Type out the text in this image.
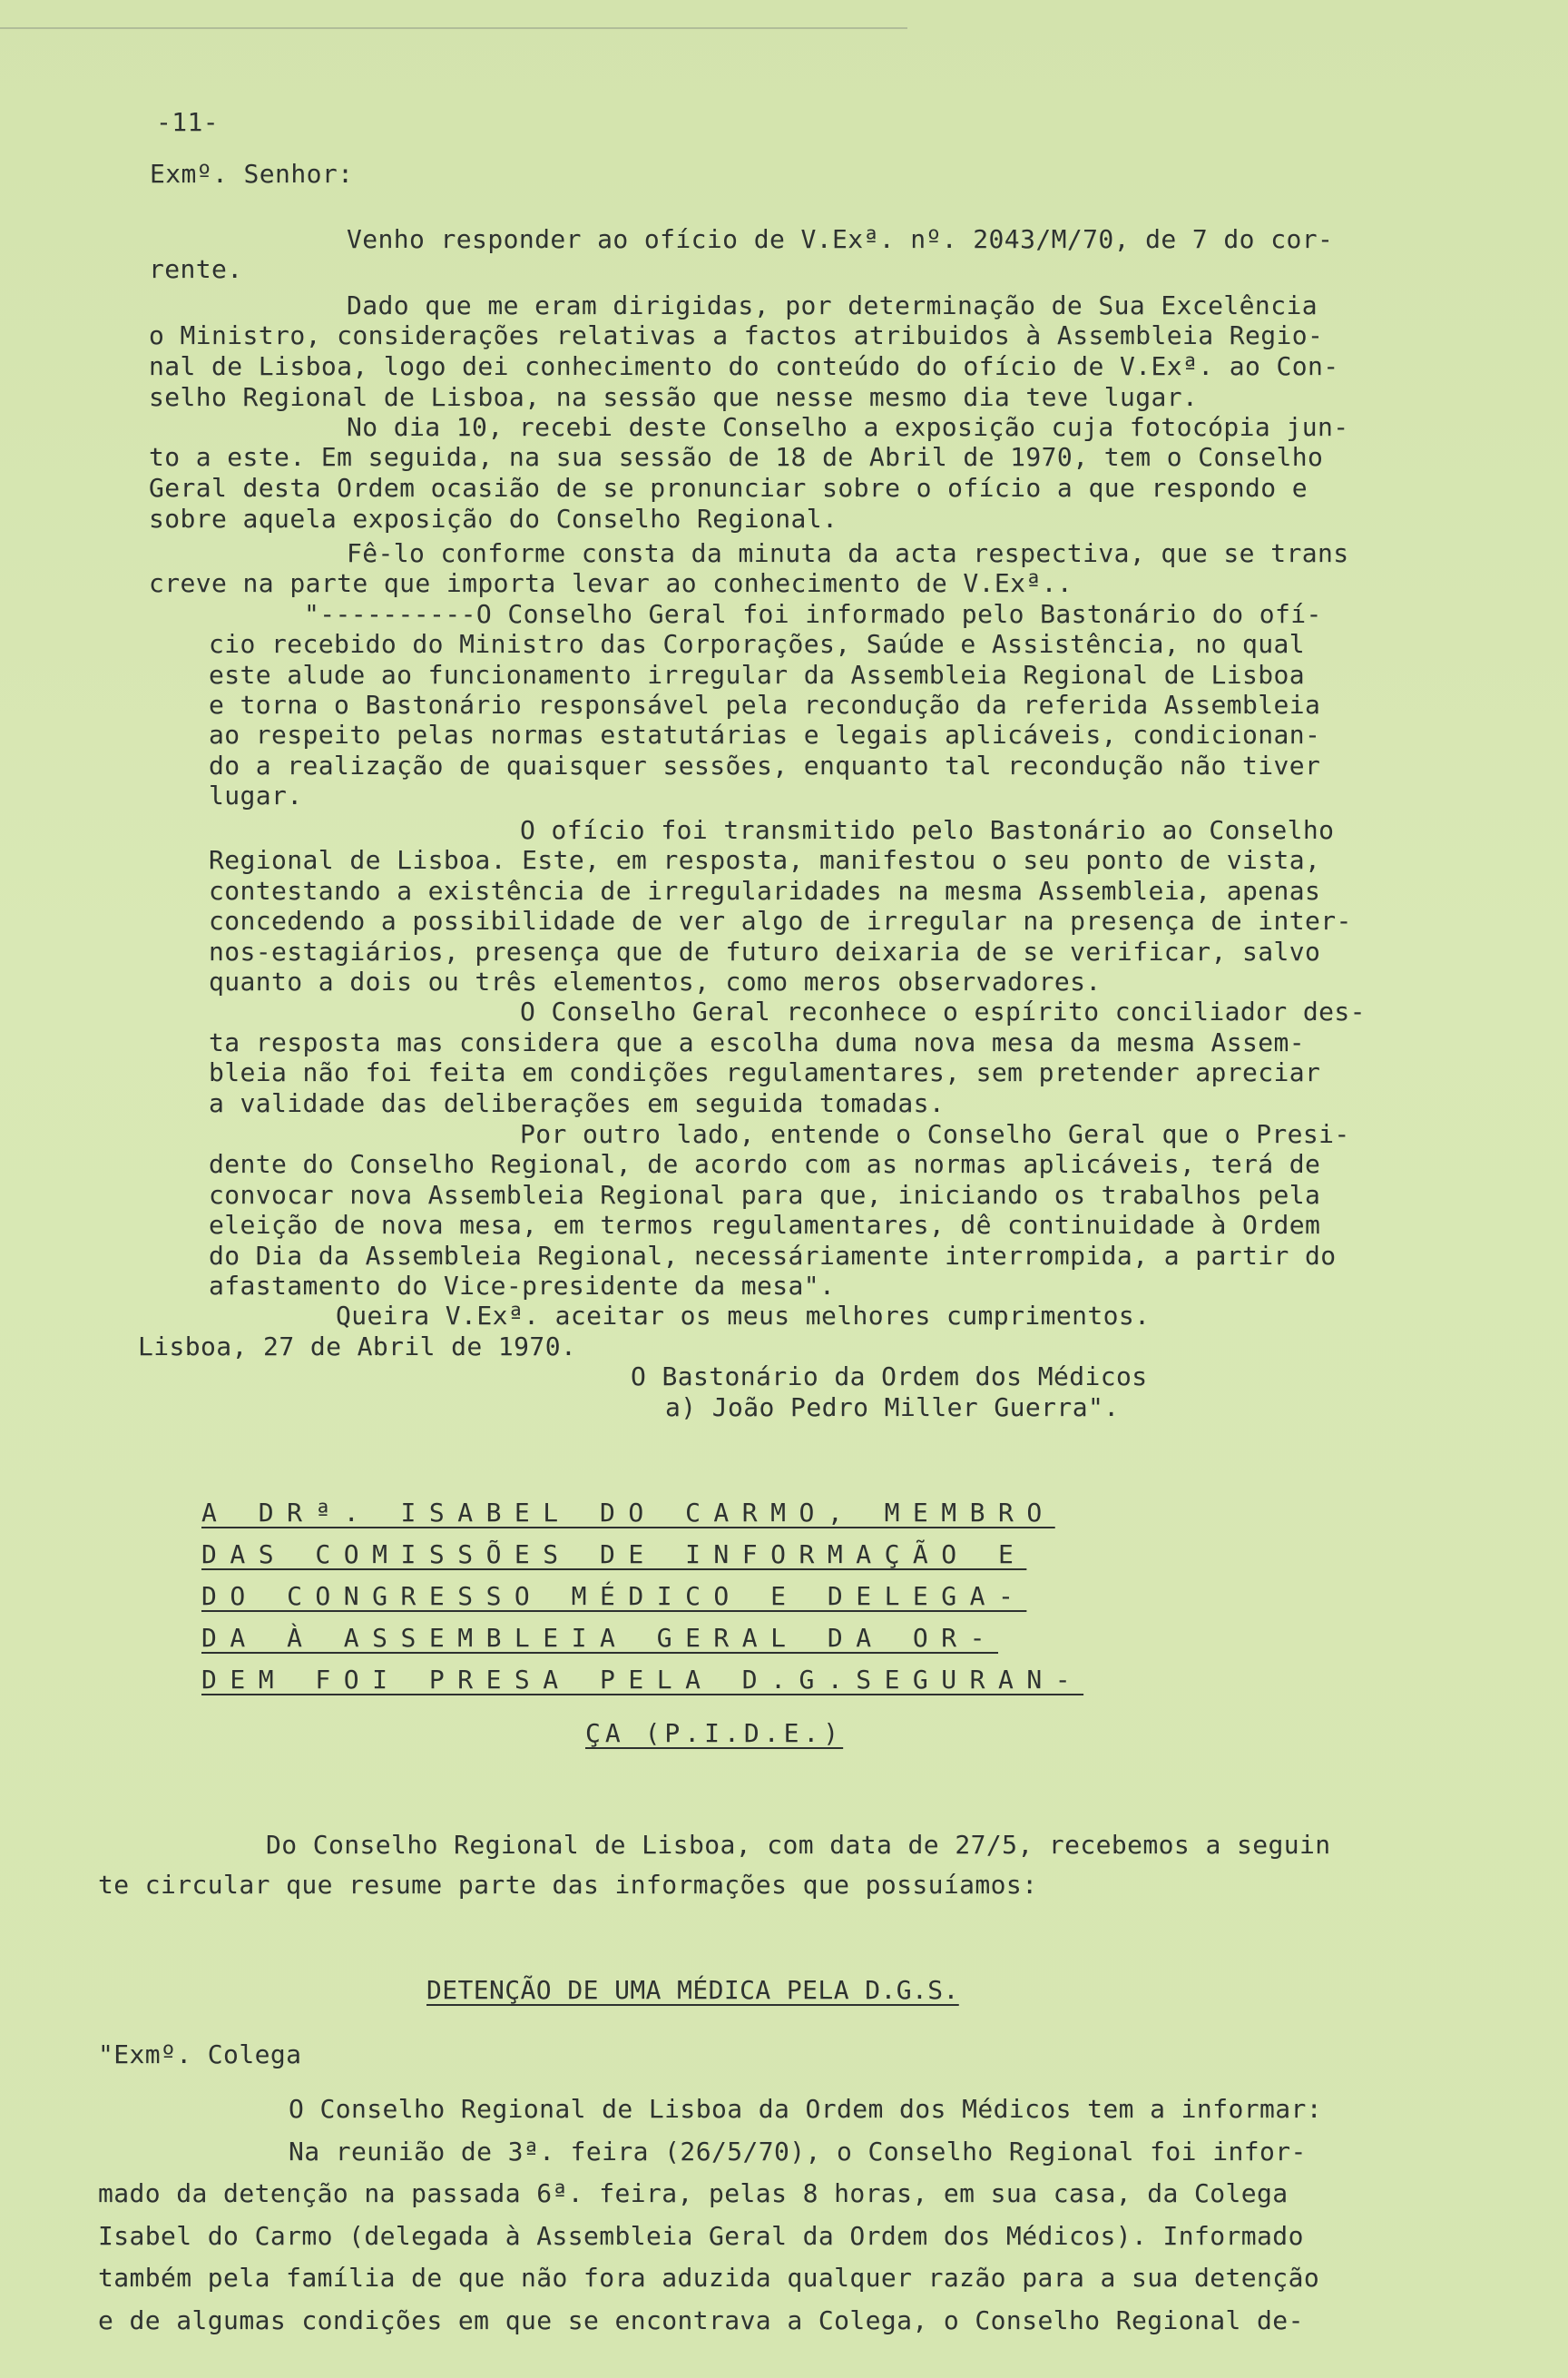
-11-
Exmº. Senhor:
Venho responder ao ofício de V.Exª. nº. 2043/M/70, de 7 do cor-
rente.
Dado que me eram dirigidas, por determinação de Sua Excelência
o Ministro, considerações relativas a factos atribuidos à Assembleia Regio-
nal de Lisboa, logo dei conhecimento do conteúdo do ofício de V.Exª. ao Con-
selho Regional de Lisboa, na sessão que nesse mesmo dia teve lugar.
No dia 10, recebi deste Conselho a exposição cuja fotocópia jun-
to a este. Em seguida, na sua sessão de 18 de Abril de 1970, tem o Conselho
Geral desta Ordem ocasião de se pronunciar sobre o ofício a que respondo e
sobre aquela exposição do Conselho Regional.
Fê-lo conforme consta da minuta da acta respectiva, que se trans
creve na parte que importa levar ao conhecimento de V.Exª..
"----------O Conselho Geral foi informado pelo Bastonário do ofí-
cio recebido do Ministro das Corporações, Saúde e Assistência, no qual
este alude ao funcionamento irregular da Assembleia Regional de Lisboa
e torna o Bastonário responsável pela recondução da referida Assembleia
ao respeito pelas normas estatutárias e legais aplicáveis, condicionan-
do a realização de quaisquer sessões, enquanto tal recondução não tiver
lugar.
O ofício foi transmitido pelo Bastonário ao Conselho
Regional de Lisboa. Este, em resposta, manifestou o seu ponto de vista,
contestando a existência de irregularidades na mesma Assembleia, apenas
concedendo a possibilidade de ver algo de irregular na presença de inter-
nos-estagiários, presença que de futuro deixaria de se verificar, salvo
quanto a dois ou três elementos, como meros observadores.
O Conselho Geral reconhece o espírito conciliador des-
ta resposta mas considera que a escolha duma nova mesa da mesma Assem-
bleia não foi feita em condições regulamentares, sem pretender apreciar
a validade das deliberações em seguida tomadas.
Por outro lado, entende o Conselho Geral que o Presi-
dente do Conselho Regional, de acordo com as normas aplicáveis, terá de
convocar nova Assembleia Regional para que, iniciando os trabalhos pela
eleição de nova mesa, em termos regulamentares, dê continuidade à Ordem
do Dia da Assembleia Regional, necessáriamente interrompida, a partir do
afastamento do Vice-presidente da mesa".
Queira V.Exª. aceitar os meus melhores cumprimentos.
Lisboa, 27 de Abril de 1970.
O Bastonário da Ordem dos Médicos
a) João Pedro Miller Guerra".
A DRª. ISABEL DO CARMO, MEMBRO
DAS COMISSÕES DE INFORMAÇÃO E
DO CONGRESSO MÉDICO E DELEGA-
DA À ASSEMBLEIA GERAL DA OR-
DEM FOI PRESA PELA D.G.SEGURAN-
ÇA (P.I.D.E.)
Do Conselho Regional de Lisboa, com data de 27/5, recebemos a seguin
te circular que resume parte das informações que possuíamos:
DETENÇÃO DE UMA MÉDICA PELA D.G.S.
"Exmº. Colega
O Conselho Regional de Lisboa da Ordem dos Médicos tem a informar:
Na reunião de 3ª. feira (26/5/70), o Conselho Regional foi infor-
mado da detenção na passada 6ª. feira, pelas 8 horas, em sua casa, da Colega
Isabel do Carmo (delegada à Assembleia Geral da Ordem dos Médicos). Informado
também pela família de que não fora aduzida qualquer razão para a sua detenção
e de algumas condições em que se encontrava a Colega, o Conselho Regional de-
